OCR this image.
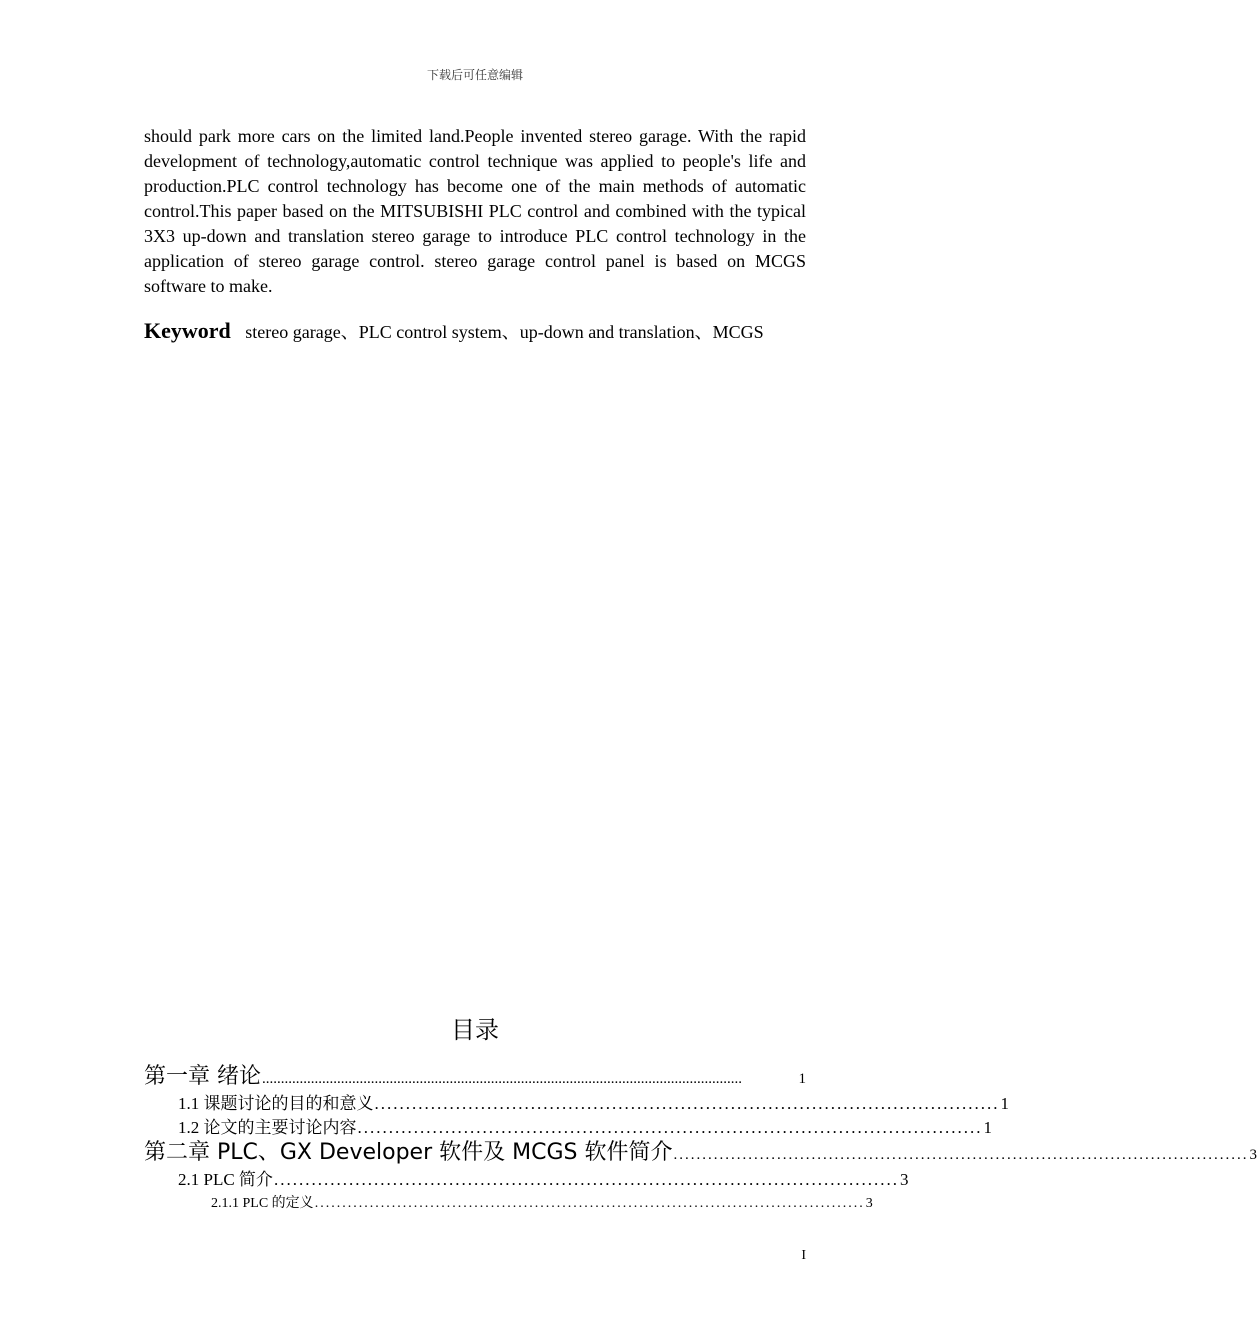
下载后可任意编辑

should park more cars on the limited land.People invented stereo garage. With the rapid development of technology,automatic control technique was applied to people's life and production.PLC control technology has become one of the main methods of automatic control.This paper based on the MITSUBISHI PLC control and combined with the typical 3X3 up-down and translation stereo garage to introduce PLC control technology in the application of stereo garage control. stereo garage control panel is based on MCGS software to make.

Keyword stereo garage、PLC control system、up-down and translation、MCGS
目录
第一章 绪论 ................................................................................................................................	1
1.1 课题讨论的目的和意义 .................................................................................................... 1
1.2 论文的主要讨论内容 .................................................................................................... 1
第二章 PLC、GX Developer 软件及 MCGS 软件简介 .................................................................................................... 3
2.1 PLC 简介 .................................................................................................... 3
2.1.1 PLC 的定义 .................................................................................................... 3
I
